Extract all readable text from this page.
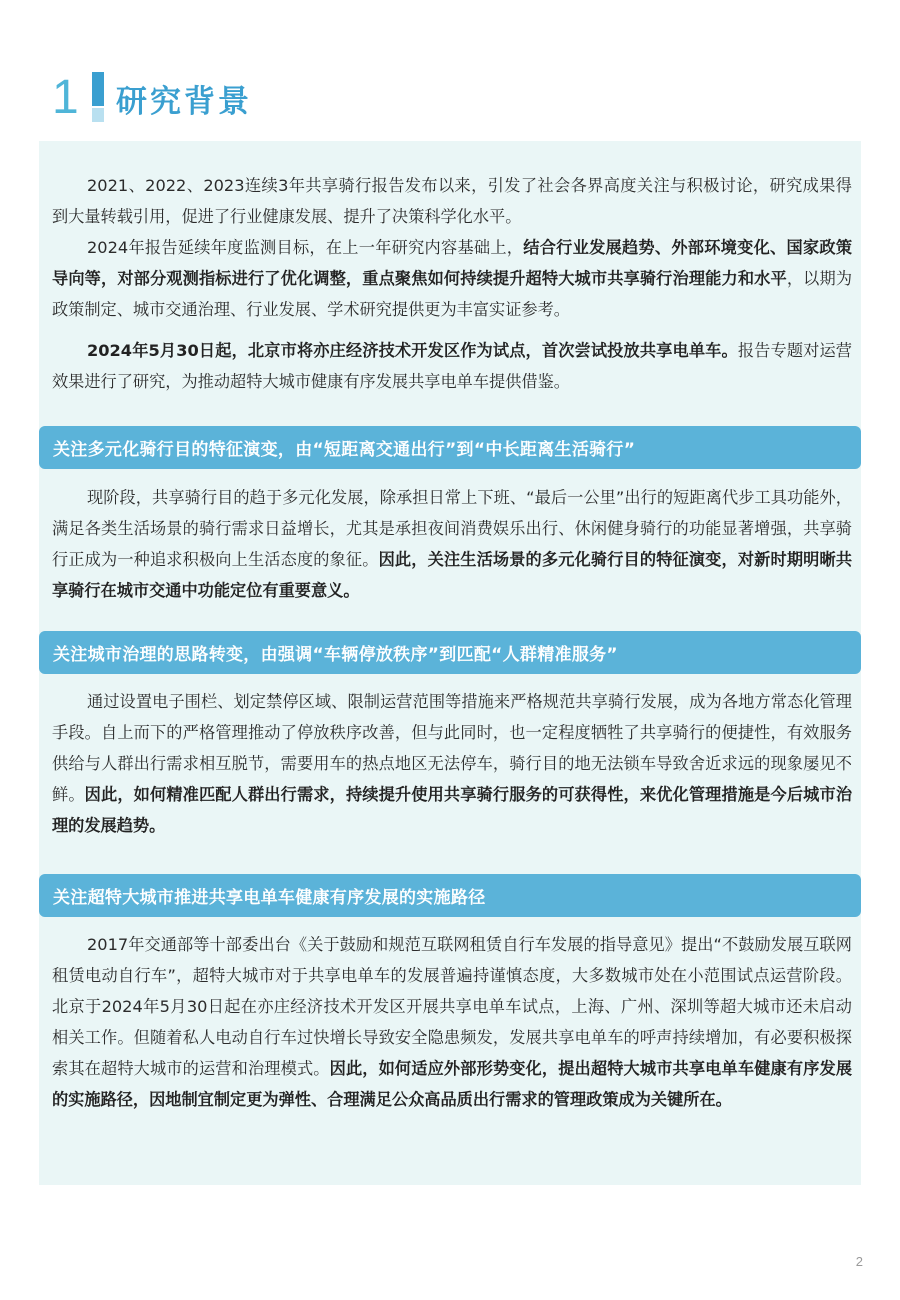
1	研究背景

2021、2022、2023连续3年共享骑行报告发布以来，引发了社会各界高度关注与积极讨论，研究成果得到大量转载引用，促进了行业健康发展、提升了决策科学化水平。

2024年报告延续年度监测目标，在上一年研究内容基础上，结合行业发展趋势、外部环境变化、国家政策导向等，对部分观测指标进行了优化调整，重点聚焦如何持续提升超特大城市共享骑行治理能力和水平，以期为政策制定、城市交通治理、行业发展、学术研究提供更为丰富实证参考。

2024年5月30日起，北京市将亦庄经济技术开发区作为试点，首次尝试投放共享电单车。报告专题对运营效果进行了研究，为推动超特大城市健康有序发展共享电单车提供借鉴。

关注多元化骑行目的特征演变，由“短距离交通出行”到“中长距离生活骑行”

现阶段，共享骑行目的趋于多元化发展，除承担日常上下班、“最后一公里”出行的短距离代步工具功能外，满足各类生活场景的骑行需求日益增长，尤其是承担夜间消费娱乐出行、休闲健身骑行的功能显著增强，共享骑行正成为一种追求积极向上生活态度的象征。因此，关注生活场景的多元化骑行目的特征演变，对新时期明晰共享骑行在城市交通中功能定位有重要意义。

关注城市治理的思路转变，由强调“车辆停放秩序”到匹配“人群精准服务”

通过设置电子围栏、划定禁停区域、限制运营范围等措施来严格规范共享骑行发展，成为各地方常态化管理手段。自上而下的严格管理推动了停放秩序改善，但与此同时，也一定程度牺牲了共享骑行的便捷性，有效服务供给与人群出行需求相互脱节，需要用车的热点地区无法停车，骑行目的地无法锁车导致舍近求远的现象屡见不鲜。因此，如何精准匹配人群出行需求，持续提升使用共享骑行服务的可获得性，来优化管理措施是今后城市治理的发展趋势。

关注超特大城市推进共享电单车健康有序发展的实施路径

2017年交通部等十部委出台《关于鼓励和规范互联网租赁自行车发展的指导意见》提出“不鼓励发展互联网租赁电动自行车”，超特大城市对于共享电单车的发展普遍持谨慎态度，大多数城市处在小范围试点运营阶段。北京于2024年5月30日起在亦庄经济技术开发区开展共享电单车试点，上海、广州、深圳等超大城市还未启动相关工作。但随着私人电动自行车过快增长导致安全隐患频发，发展共享电单车的呼声持续增加，有必要积极探索其在超特大城市的运营和治理模式。因此，如何适应外部形势变化，提出超特大城市共享电单车健康有序发展的实施路径，因地制宜制定更为弹性、合理满足公众高品质出行需求的管理政策成为关键所在。

2
